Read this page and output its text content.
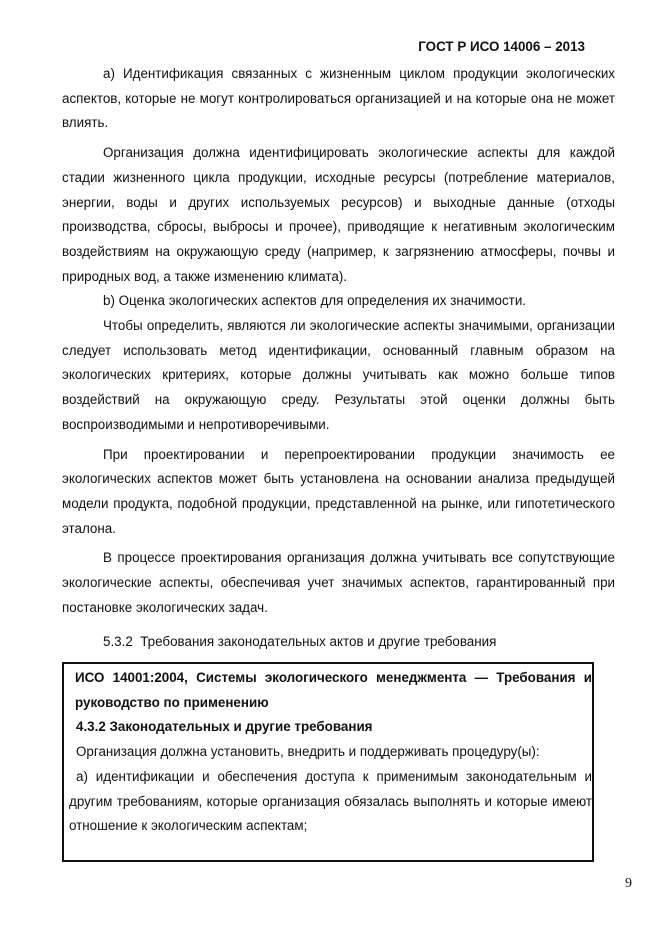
ГОСТ Р ИСО 14006 – 2013

а) Идентификация связанных с жизненным циклом продукции экологических аспектов, которые не могут контролироваться организацией и на которые она не может влиять.

Организация должна идентифицировать экологические аспекты для каждой стадии жизненного цикла продукции, исходные ресурсы (потребление материалов, энергии, воды и других используемых ресурсов) и выходные данные (отходы производства, сбросы, выбросы и прочее), приводящие к негативным экологическим воздействиям на окружающую среду (например, к загрязнению атмосферы, почвы и природных вод, а также изменению климата).

b) Оценка экологических аспектов для определения их значимости.

Чтобы определить, являются ли экологические аспекты значимыми, организации следует использовать метод идентификации, основанный главным образом на экологических критериях, которые должны учитывать как можно больше типов воздействий на окружающую среду. Результаты этой оценки должны быть воспроизводимыми и непротиворечивыми.

При проектировании и перепроектировании продукции значимость ее экологических аспектов может быть установлена на основании анализа предыдущей модели продукта, подобной продукции, представленной на рынке, или гипотетического эталона.

В процессе проектирования организация должна учитывать все сопутствующие экологические аспекты, обеспечивая учет значимых аспектов, гарантированный при постановке экологических задач.

5.3.2 Требования законодательных актов и другие требования
ИСО 14001:2004, Системы экологического менеджмента — Требования и руководство по применению
4.3.2 Законодательных и другие требования
Организация должна установить, внедрить и поддерживать процедуру(ы):
а) идентификации и обеспечения доступа к применимым законодательным и другим требованиям, которые организация обязалась выполнять и которые имеют отношение к экологическим аспектам;
9
